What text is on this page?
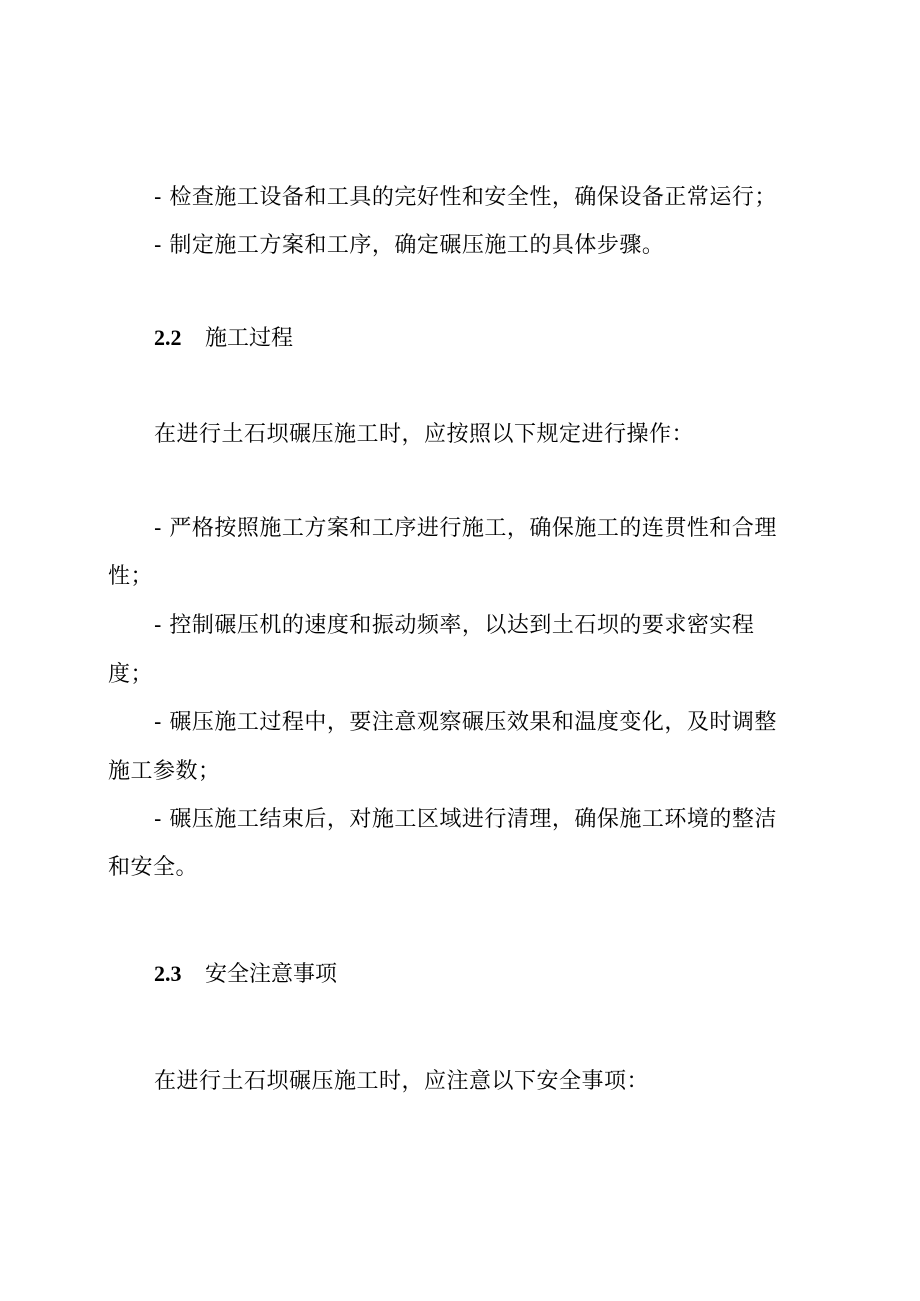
- 检查施工设备和工具的完好性和安全性，确保设备正常运行；
- 制定施工方案和工序，确定碾压施工的具体步骤。
2.2 施工过程
在进行土石坝碾压施工时，应按照以下规定进行操作：
- 严格按照施工方案和工序进行施工，确保施工的连贯性和合理
性；
- 控制碾压机的速度和振动频率，以达到土石坝的要求密实程
度；
- 碾压施工过程中，要注意观察碾压效果和温度变化，及时调整
施工参数；
- 碾压施工结束后，对施工区域进行清理，确保施工环境的整洁
和安全。
2.3 安全注意事项
在进行土石坝碾压施工时，应注意以下安全事项：
